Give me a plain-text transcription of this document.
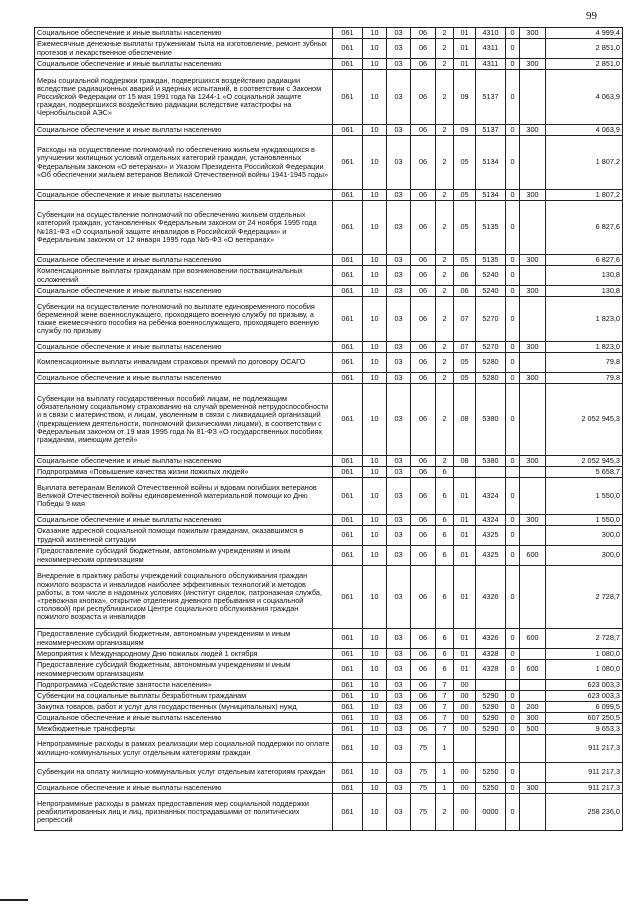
99
Социальное обеспечение и иные выплаты населению	061	10	03	06	2	01	4310	0	300	4 999,4
Ежемесячные денежные выплаты труженикам тыла на изготовление, ремонт зубных протезов и лекарственное обеспечение	061	10	03	06	2	01	4311	0		2 851,0
Социальное обеспечение и иные выплаты населению	061	10	03	06	2	01	4311	0	300	2 851,0
Меры социальной поддержки граждан, подвергшихся воздействию радиации вследствие радиационных аварий и ядерных испытаний, в соответствии с Законом Российской Федерации от 15 мая 1991 года № 1244-1 «О социальной защите граждан, подвергшихся воздействию радиации вследствие катастрофы на Чернобыльской АЭС»	061	10	03	06	2	09	5137	0		4 063,9
Социальное обеспечение и иные выплаты населению	061	10	03	06	2	09	5137	0	300	4 063,9
Расходы на осуществление полномочий по обеспечению жильем нуждающихся в улучшении жилищных условий отдельных категорий граждан, установленных Федеральным законом «О ветеранах» и Указом Президента Российской Федерации «Об обеспечении жильем ветеранов Великой Отечественной войны 1941-1945 годы»	061	10	03	06	2	05	5134	0		1 807,2
Социальное обеспечение и иные выплаты населению	061	10	03	06	2	05	5134	0	300	1 807,2
Субвенции на осуществление полномочий по обеспечению жильем отдельных категорий граждан, установленных Федеральным законом от 24 ноября 1995 года №181-ФЗ «О социальной защите инвалидов в Российской Федерации» и Федеральным законом от 12 января 1995 года №5-ФЗ «О ветеранах»	061	10	03	06	2	05	5135	0		6 827,6
Социальное обеспечение и иные выплаты населению	061	10	03	06	2	05	5135	0	300	6 827,6
Компенсационные выплаты гражданам при возникновении поствакцинальных осложнений	061	10	03	06	2	06	5240	0		130,8
Социальное обеспечение и иные выплаты населению	061	10	03	06	2	06	5240	0	300	130,8
Субвенции на осуществление полномочий по выплате единовременного пособия беременной жене военнослужащего, проходящего военную службу по призыву, а также ежемесячного пособия на ребёнка военнослужащего, проходящего военную службу по призыву	061	10	03	06	2	07	5270	0		1 823,0
Социальное обеспечение и иные выплаты населению	061	10	03	06	2	07	5270	0	300	1 823,0
Компенсационные выплаты инвалидам страховых премий по договору ОСАГО	061	10	03	06	2	05	5280	0		79,8
Социальное обеспечение и иные выплаты населению	061	10	03	06	2	05	5280	0	300	79,8
Субвенции на выплату государственных пособий лицам, не подлежащим обязательному социальному страхованию на случай временной нетрудоспособности и в связи с материнством, и лицам, уволенным в связи с ликвидацией организаций (прекращением деятельности, полномочий физическими лицами), в соответствии с Федеральным законом от 19 мая 1995 года № 81-ФЗ «О государственных пособиях гражданам, имеющим детей»	061	10	03	06	2	08	5380	0		2 052 945,3
Социальное обеспечение и иные выплаты населению	061	10	03	06	2	08	5380	0	300	2 052 945,3
Подпрограмма «Повышение качества жизни пожилых людей»	061	10	03	06	6					5 658,7
Выплата ветеранам Великой Отечественной войны и вдовам погибших ветеранов Великой Отечественной войны единовременной материальной помощи ко Дню Победы 9 мая	061	10	03	06	6	01	4324	0		1 550,0
Социальное обеспечение и иные выплаты населению	061	10	03	06	6	01	4324	0	300	1 550,0
Оказание адресной социальной помощи пожилым гражданам, оказавшимся в трудной жизненной ситуации	061	10	03	06	6	01	4325	0		300,0
Предоставление субсидий бюджетным, автономным учреждениям и иным некоммерческим организациям	061	10	03	06	6	01	4325	0	600	300,0
Внедрение в практику работы учреждений социального обслуживания граждан пожилого возраста и инвалидов наиболее эффективных технологий и методов работы, в том числе в надомных условиях (институт сиделок, патронажная служба, «тревожная кнопка», открытие отделения дневного пребывания и социальной столовой) при республиканском Центре социального обслуживания граждан пожилого возраста и инвалидов	061	10	03	06	6	01	4326	0		2 728,7
Предоставление субсидий бюджетным, автономным учреждениям и иным некоммерческим организациям	061	10	03	06	6	01	4326	0	600	2 728,7
Мероприятия к Международному Дню пожилых людей 1 октября	061	10	03	06	6	01	4328	0		1 080,0
Предоставление субсидий бюджетным, автономным учреждениям и иным некоммерческим организациям	061	10	03	06	6	01	4328	0	600	1 080,0
Подпрограмма «Содействие занятости населения»	061	10	03	06	7	00				623 003,3
Субвенции на социальные выплаты безработным гражданам	061	10	03	06	7	00	5290	0		623 003,3
Закупка товаров, работ и услуг для государственных (муниципальных) нужд	061	10	03	06	7	00	5290	0	200	6 099,5
Социальное обеспечение и иные выплаты населению	061	10	03	06	7	00	5290	0	300	607 250,5
Межбюджетные трансферты	061	10	03	06	7	00	5290	0	500	9 653,3
Непрограммные расходы в рамках реализации мер социальной поддержки по оплате жилищно-коммунальных услуг отдельным категориям граждан	061	10	03	75	1					911 217,3
Субвенции на оплату жилищно-коммунальных услуг отдельным категориям граждан	061	10	03	75	1	00	5250	0		911 217,3
Социальное обеспечение и иные выплаты населению	061	10	03	75	1	00	5250	0	300	911 217,3
Непрограммные расходы в рамках предоставления мер социальной поддержки реабилитированных лиц и лиц, признанных пострадавшими от политических репрессий	061	10	03	75	2	00	0000	0		258 236,0
